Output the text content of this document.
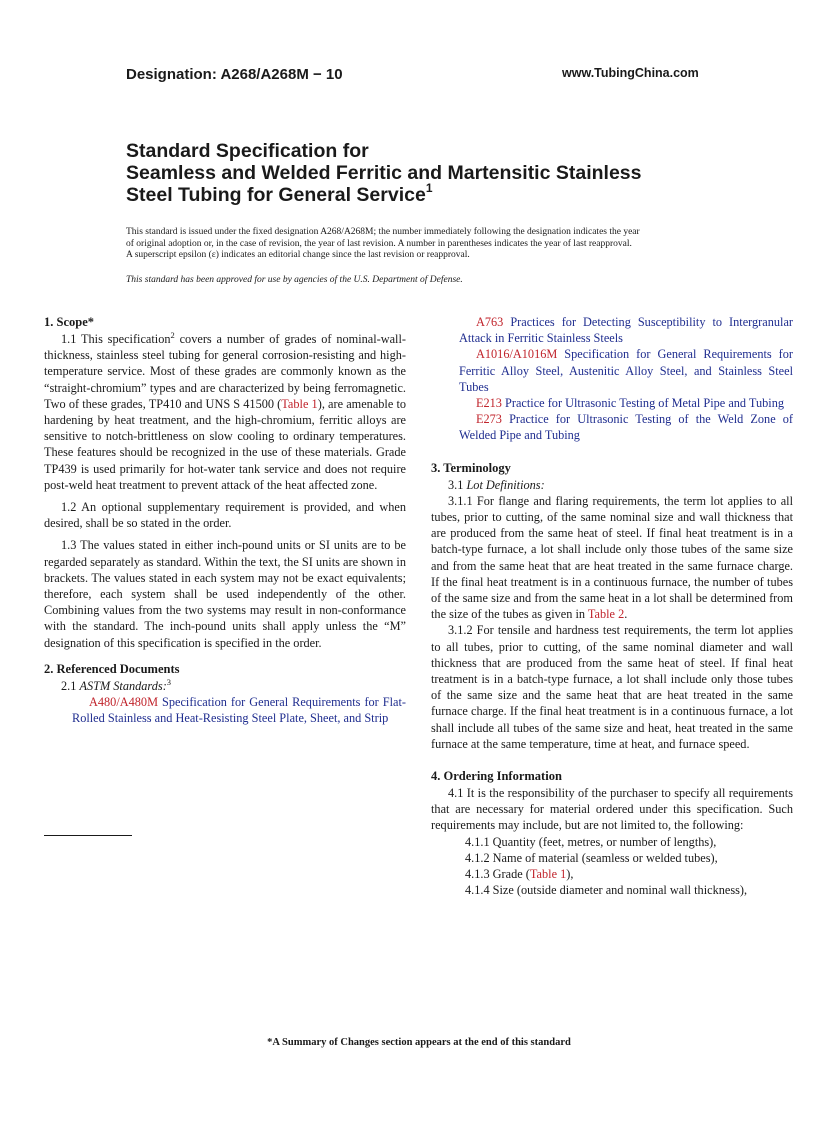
Designation: A268/A268M − 10	www.TubingChina.com
Standard Specification for
Seamless and Welded Ferritic and Martensitic Stainless
Steel Tubing for General Service$^1$
This standard is issued under the fixed designation A268/A268M; the number immediately following the designation indicates the year
of original adoption or, in the case of revision, the year of last revision. A number in parentheses indicates the year of last reapproval.
A superscript epsilon (ε) indicates an editorial change since the last revision or reapproval.
This standard has been approved for use by agencies of the U.S. Department of Defense.
1. Scope*

1.1 This specification$^2$ covers a number of grades of nominal-wall-thickness, stainless steel tubing for general corrosion-resisting and high-temperature service. Most of these grades are commonly known as the “straight-chromium” types and are characterized by being ferromagnetic. Two of these grades, TP410 and UNS S 41500 (Table 1), are amenable to hardening by heat treatment, and the high-chromium, ferritic alloys are sensitive to notch-brittleness on slow cooling to ordinary temperatures. These features should be recognized in the use of these materials. Grade TP439 is used primarily for hot-water tank service and does not require post-weld heat treatment to prevent attack of the heat affected zone.

1.2 An optional supplementary requirement is provided, and when desired, shall be so stated in the order.

1.3 The values stated in either inch-pound units or SI units are to be regarded separately as standard. Within the text, the SI units are shown in brackets. The values stated in each system may not be exact equivalents; therefore, each system shall be used independently of the other. Combining values from the two systems may result in non-conformance with the standard. The inch-pound units shall apply unless the “M” designation of this specification is specified in the order.

2. Referenced Documents

2.1 ASTM Standards:$^3$

A480/A480M Specification for General Requirements for Flat-Rolled Stainless and Heat-Resisting Steel Plate, Sheet, and Strip

A763 Practices for Detecting Susceptibility to Intergranular Attack in Ferritic Stainless Steels

A1016/A1016M Specification for General Requirements for Ferritic Alloy Steel, Austenitic Alloy Steel, and Stainless Steel Tubes

E213 Practice for Ultrasonic Testing of Metal Pipe and Tubing

E273 Practice for Ultrasonic Testing of the Weld Zone of Welded Pipe and Tubing

3. Terminology

3.1 Lot Definitions:

3.1.1 For flange and flaring requirements, the term lot applies to all tubes, prior to cutting, of the same nominal size and wall thickness that are produced from the same heat of steel. If final heat treatment is in a batch-type furnace, a lot shall include only those tubes of the same size and from the same heat that are heat treated in the same furnace charge. If the final heat treatment is in a continuous furnace, the number of tubes of the same size and from the same heat in a lot shall be determined from the size of the tubes as given in Table 2.

3.1.2 For tensile and hardness test requirements, the term lot applies to all tubes, prior to cutting, of the same nominal diameter and wall thickness that are produced from the same heat of steel. If final heat treatment is in a batch-type furnace, a lot shall include only those tubes of the same size and the same heat that are heat treated in the same furnace charge. If the final heat treatment is in a continuous furnace, a lot shall include all tubes of the same size and heat, heat treated in the same furnace at the same temperature, time at heat, and furnace speed.

4. Ordering Information

4.1 It is the responsibility of the purchaser to specify all requirements that are necessary for material ordered under this specification. Such requirements may include, but are not limited to, the following:

4.1.1 Quantity (feet, metres, or number of lengths),

4.1.2 Name of material (seamless or welded tubes),

4.1.3 Grade (Table 1),

4.1.4 Size (outside diameter and nominal wall thickness),

*A Summary of Changes section appears at the end of this standard
